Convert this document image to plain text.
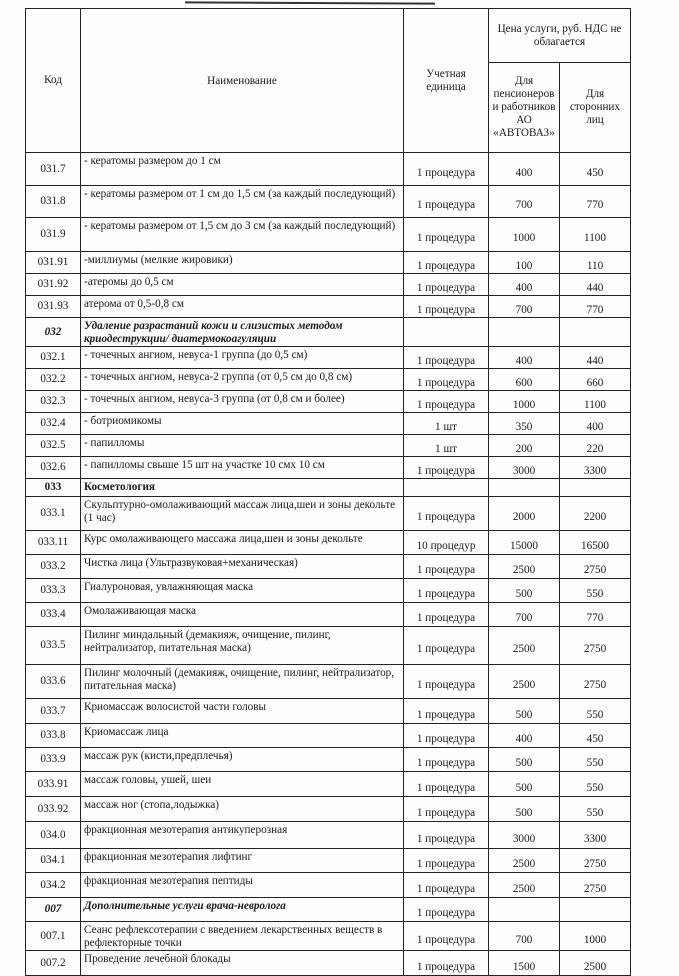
Код	Наименование	Учетная единица	Цена услуги, руб. НДС не облагается	
			Для пенсионеров и работников АО «АВТОВАЗ»	Для сторонних лиц
031.7	- кератомы размером до 1 см	1 процедура	400	450
031.8	- кератомы размером от 1 см до 1,5 см (за каждый последующий)	1 процедура	700	770
031.9	- кератомы размером от 1,5 см до 3 см (за каждый последующий)	1 процедура	1000	1100
031.91	-миллиумы (мелкие жировики)	1 процедура	100	110
031.92	-атеромы до 0,5 см	1 процедура	400	440
031.93	атерома от 0,5-0,8 см	1 процедура	700	770
032	Удаление разрастаний кожи и слизистых методом криодеструкции/ диатермокоагуляции			
032.1	- точечных ангиом, невуса-1 группа (до 0,5 см)	1 процедура	400	440
032.2	- точечных ангиом, невуса-2 группа (от 0,5 см до 0,8 см)	1 процедура	600	660
032.3	- точечных ангиом, невуса-3 группа (от 0,8 см и более)	1 процедура	1000	1100
032.4	- ботриомикомы	1 шт	350	400
032.5	- папилломы	1 шт	200	220
032.6	- папилломы свыше 15 шт на участке 10 смх 10 см	1 процедура	3000	3300
033	Косметология			
033.1	Скульптурно-омолаживающий массаж лица,шеи и зоны декольте (1 час)	1 процедура	2000	2200
033.11	Курс омолаживающего массажа лица,шеи и зоны декольте	10 процедур	15000	16500
033.2	Чистка лица (Ультразвуковая+механическая)	1 процедура	2500	2750
033.3	Гиалуроновая, увлажняющая маска	1 процедура	500	550
033.4	Омолаживающая маска	1 процедура	700	770
033.5	Пилинг миндальный (демакияж, очищение, пилинг, нейтрализатор, питательная маска)	1 процедура	2500	2750
033.6	Пилинг молочный (демакияж, очищение, пилинг, нейтрализатор, питательная маска)	1 процедура	2500	2750
033.7	Криомассаж волосистой части головы	1 процедура	500	550
033.8	Криомассаж лица	1 процедура	400	450
033.9	массаж рук (кисти,предплечья)	1 процедура	500	550
033.91	массаж головы, ушей, шеи	1 процедура	500	550
033.92	массаж ног (стопа,лодыжка)	1 процедура	500	550
034.0	фракционная мезотерапия антикуперозная	1 процедура	3000	3300
034.1	фракционная мезотерапия лифтинг	1 процедура	2500	2750
034.2	фракционная мезотерапия пептиды	1 процедура	2500	2750
007	Дополнительные услуги врача-невролога	1 процедура		
007.1	Сеанс рефлексотерапии с введением лекарственных веществ в рефлекторные точки	1 процедура	700	1000
007.2	Проведение лечебной блокады	1 процедура	1500	2500
